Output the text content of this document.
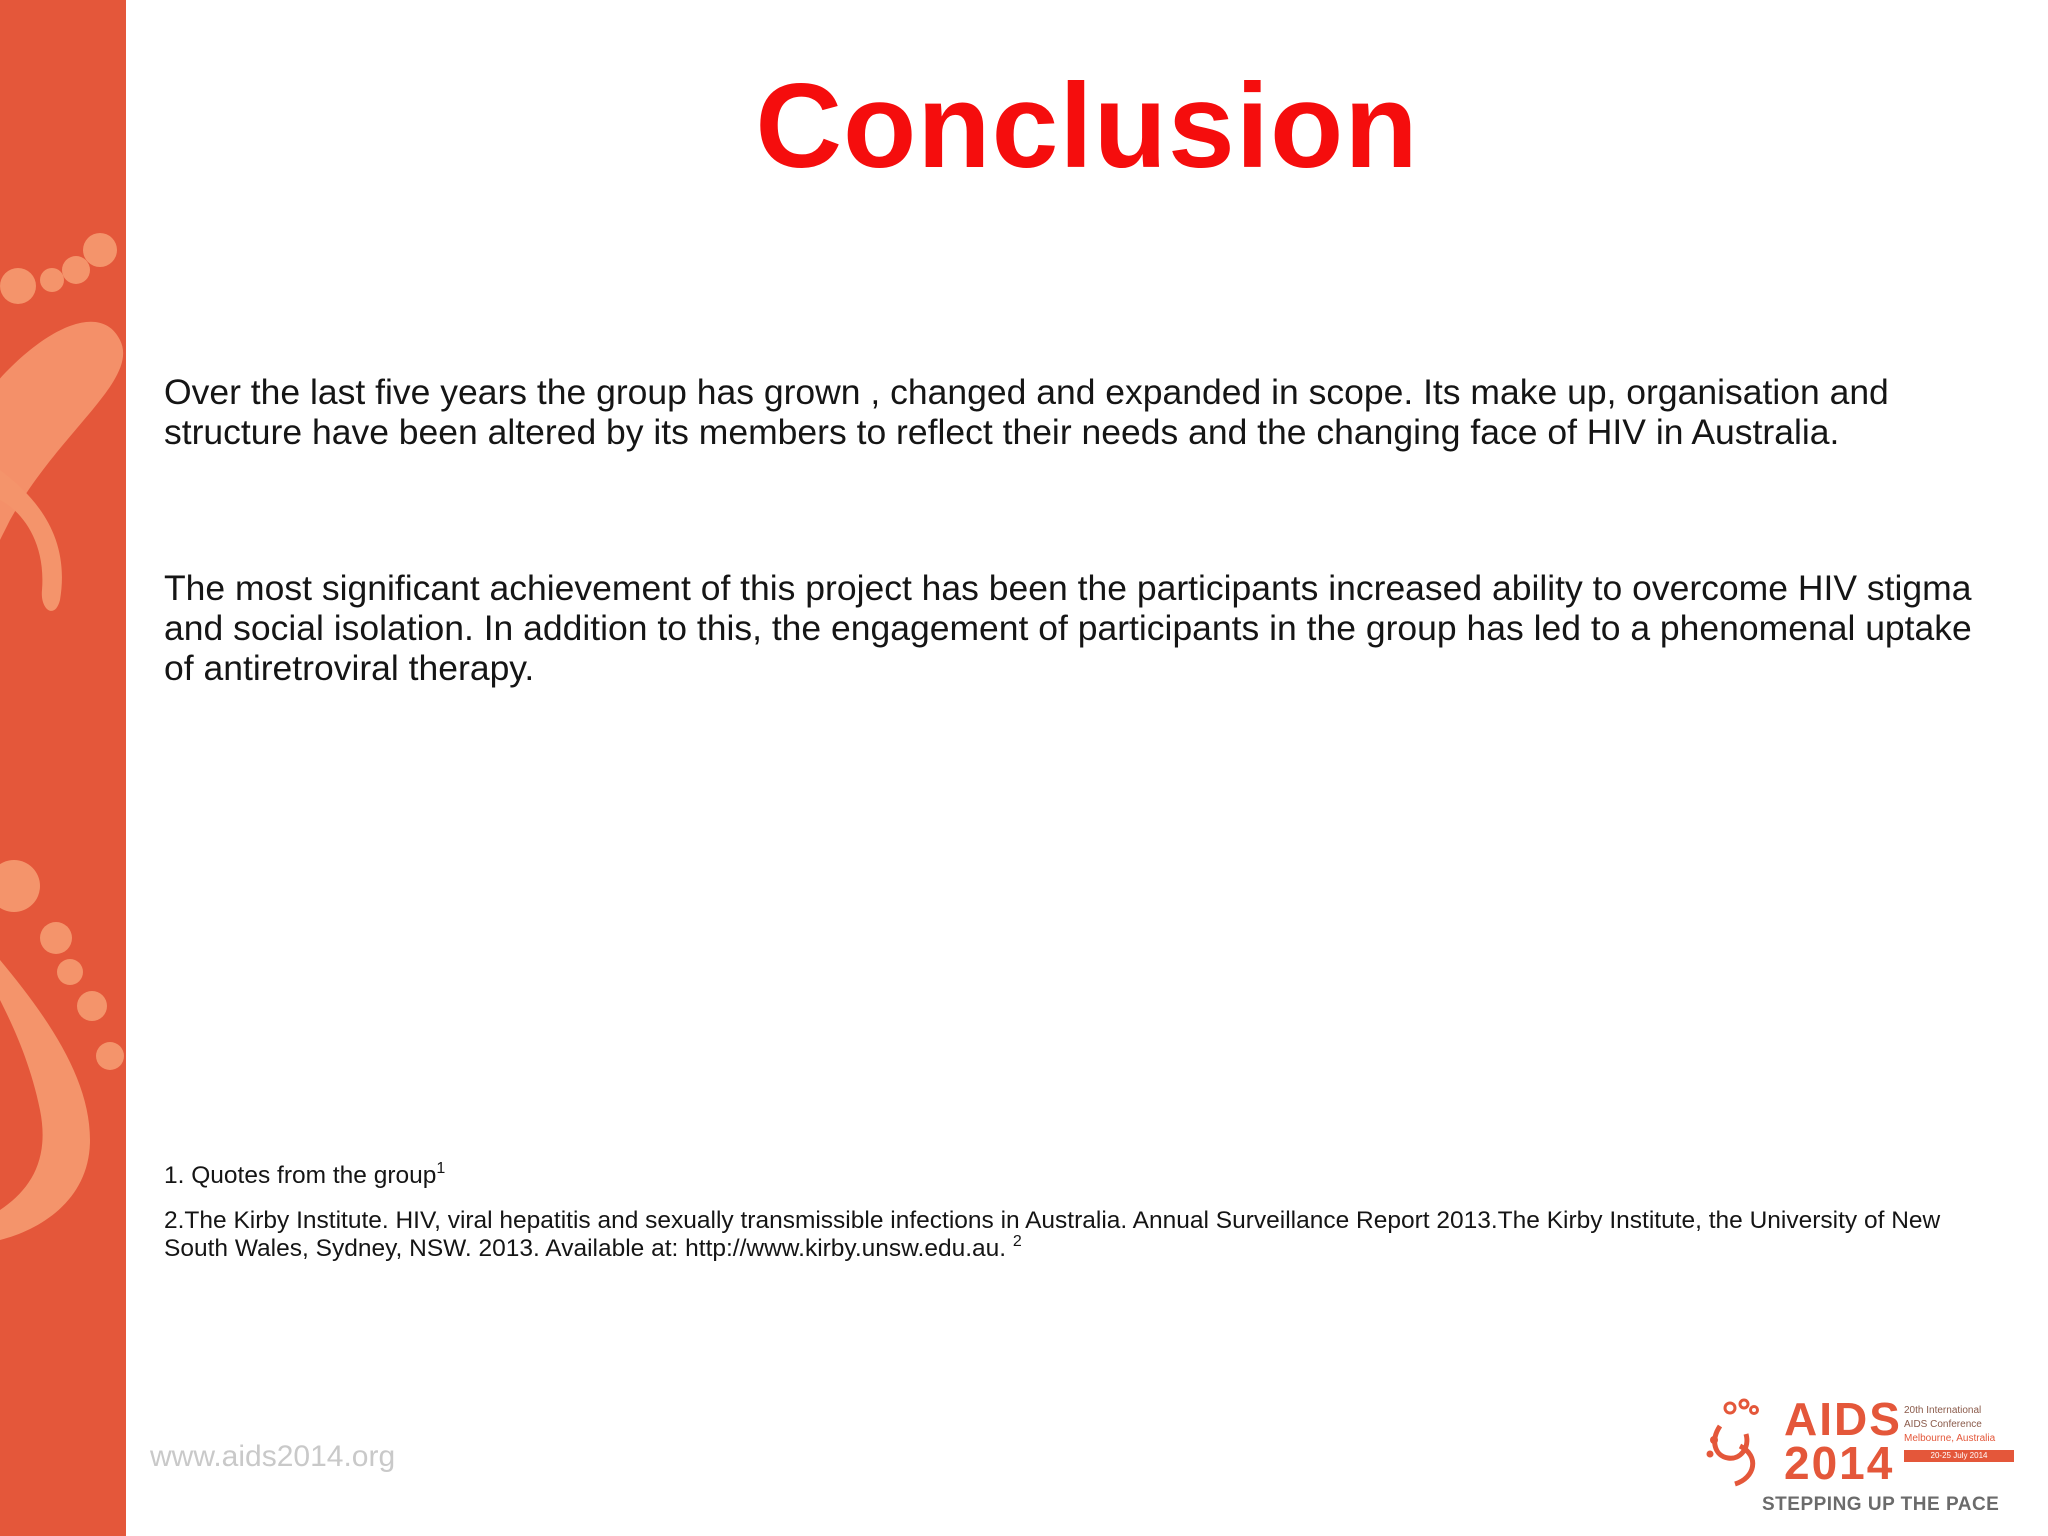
Conclusion

Over the last five years the group has grown , changed and expanded in scope. Its make up, organisation and structure have been altered by its members to reflect their needs and the changing face of HIV in Australia.

The most significant achievement of this project has been the participants increased ability to overcome HIV stigma and social isolation. In addition to this, the engagement of participants in the group has led to a phenomenal uptake of antiretroviral therapy.

1. Quotes from the group$^1$
2.The Kirby Institute. HIV, viral hepatitis and sexually transmissible infections in Australia. Annual Surveillance Report 2013.The Kirby Institute, the University of New South Wales, Sydney, NSW. 2013. Available at: http://www.kirby.unsw.edu.au. $^2$
www.aids2014.org
AIDS
2014
20th International
AIDS Conference
Melbourne, Australia
20-25 July 2014
STEPPING UP THE PACE
